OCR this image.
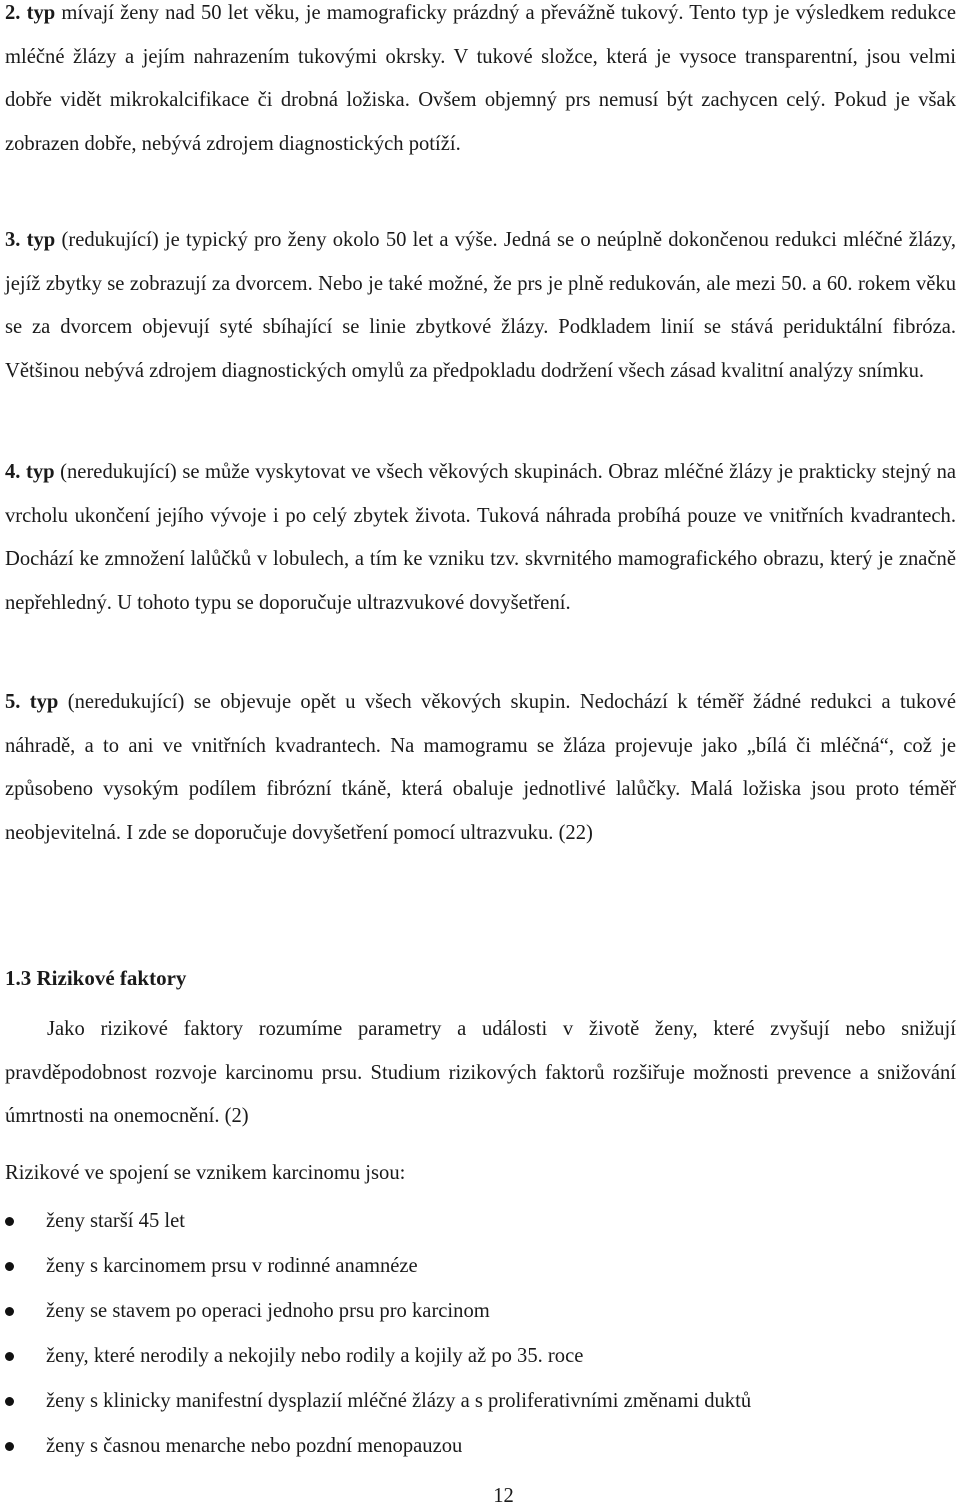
2. typ mívají ženy nad 50 let věku, je mamograficky prázdný a převážně tukový. Tento typ je výsledkem redukce mléčné žlázy a jejím nahrazením tukovými okrsky. V tukové složce, která je vysoce transparentní, jsou velmi dobře vidět mikrokalcifikace či drobná ložiska. Ovšem objemný prs nemusí být zachycen celý. Pokud je však zobrazen dobře, nebývá zdrojem diagnostických potíží.

3. typ (redukující) je typický pro ženy okolo 50 let a výše. Jedná se o neúplně dokončenou redukci mléčné žlázy, jejíž zbytky se zobrazují za dvorcem. Nebo je také možné, že prs je plně redukován, ale mezi 50. a 60. rokem věku se za dvorcem objevují syté sbíhající se linie zbytkové žlázy. Podkladem linií se stává periduktální fibróza. Většinou nebývá zdrojem diagnostických omylů za předpokladu dodržení všech zásad kvalitní analýzy snímku.

4. typ (neredukující) se může vyskytovat ve všech věkových skupinách. Obraz mléčné žlázy je prakticky stejný na vrcholu ukončení jejího vývoje i po celý zbytek života. Tuková náhrada probíhá pouze ve vnitřních kvadrantech. Dochází ke zmnožení lalůčků v lobulech, a tím ke vzniku tzv. skvrnitého mamografického obrazu, který je značně nepřehledný. U tohoto typu se doporučuje ultrazvukové dovyšetření.

5. typ (neredukující) se objevuje opět u všech věkových skupin. Nedochází k téměř žádné redukci a tukové náhradě, a to ani ve vnitřních kvadrantech. Na mamogramu se žláza projevuje jako „bílá či mléčná“, což je způsobeno vysokým podílem fibrózní tkáně, která obaluje jednotlivé lalůčky. Malá ložiska jsou proto téměř neobjevitelná. I zde se doporučuje dovyšetření pomocí ultrazvuku. (22)

1.3 Rizikové faktory

Jako rizikové faktory rozumíme parametry a události v životě ženy, které zvyšují nebo snižují pravděpodobnost rozvoje karcinomu prsu. Studium rizikových faktorů rozšiřuje možnosti prevence a snižování úmrtnosti na onemocnění. (2)

Rizikové ve spojení se vznikem karcinomu jsou:

ženy starší 45 let
ženy s karcinomem prsu v rodinné anamnéze
ženy se stavem po operaci jednoho prsu pro karcinom
ženy, které nerodily a nekojily nebo rodily a kojily až po 35. roce
ženy s klinicky manifestní dysplazií mléčné žlázy a s proliferativními změnami duktů
ženy s časnou menarche nebo pozdní menopauzou
12
